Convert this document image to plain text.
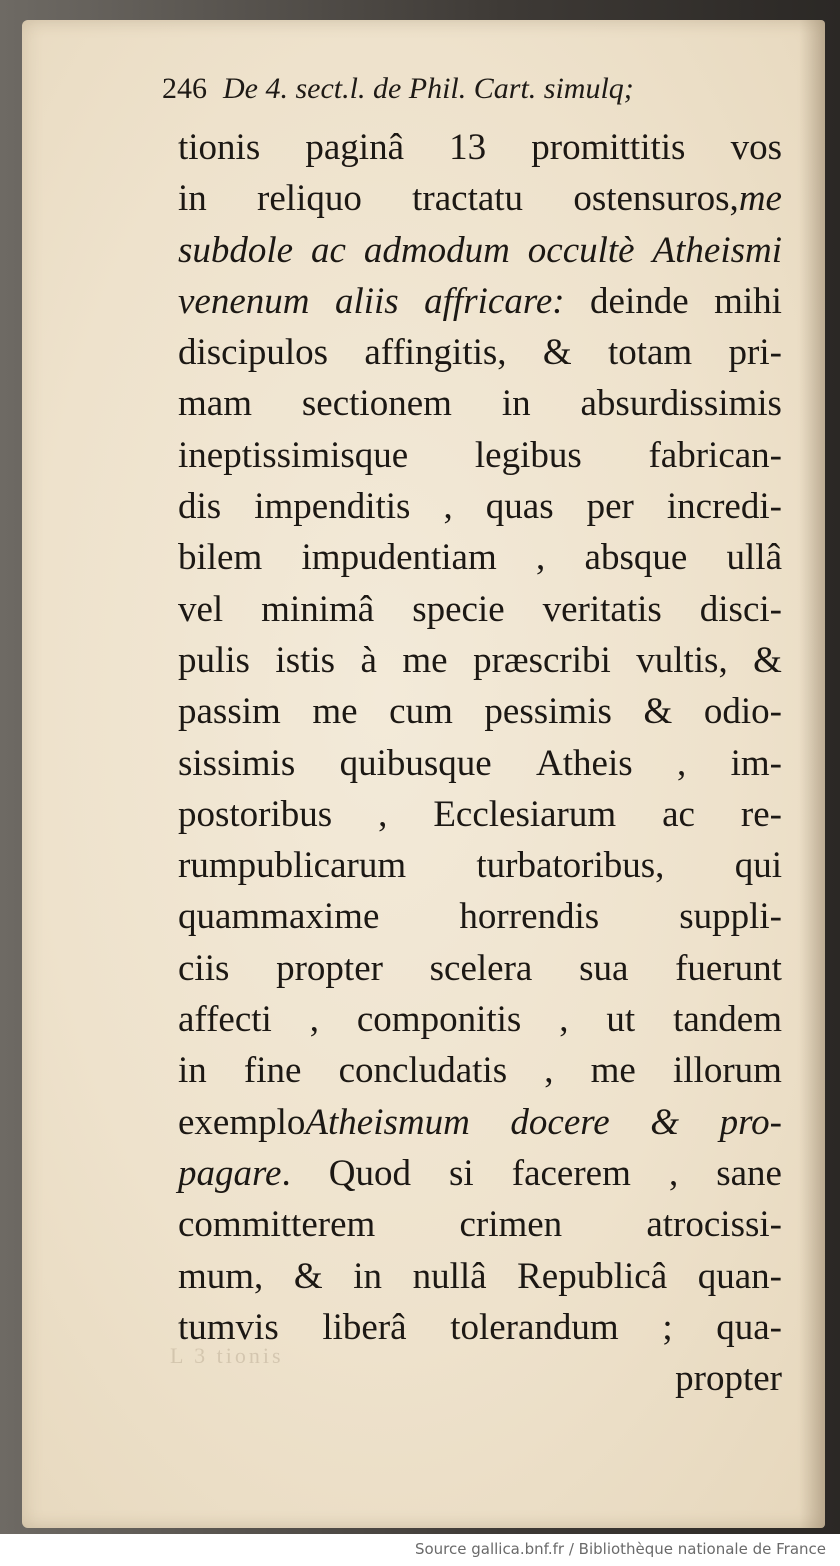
246 De 4. sect.l. de Phil. Cart. simulq;
tionis paginâ 13 promittitis vos
in reliquo tractatu ostensuros,me
subdole ac admodum occultè Atheismi
venenum aliis affricare: deinde mihi
discipulos affingitis, & totam pri-
mam sectionem in absurdissimis
ineptissimisque legibus fabrican-
dis impenditis , quas per incredi-
bilem impudentiam , absque ullâ
vel minimâ specie veritatis disci-
pulis istis à me præscribi vultis, &
passim me cum pessimis & odio-
sissimis quibusque Atheis , im-
postoribus , Ecclesiarum ac re-
rumpublicarum turbatoribus, qui
quammaxime horrendis suppli-
ciis propter scelera sua fuerunt
affecti , componitis , ut tandem
in fine concludatis , me illorum
exemploAtheismum docere & pro-
pagare. Quod si facerem , sane
committerem crimen atrocissi-
mum, & in nullâ Republicâ quan-
tumvis liberâ tolerandum ; qua-
propter
L 3 tionis
Source gallica.bnf.fr / Bibliothèque nationale de France
